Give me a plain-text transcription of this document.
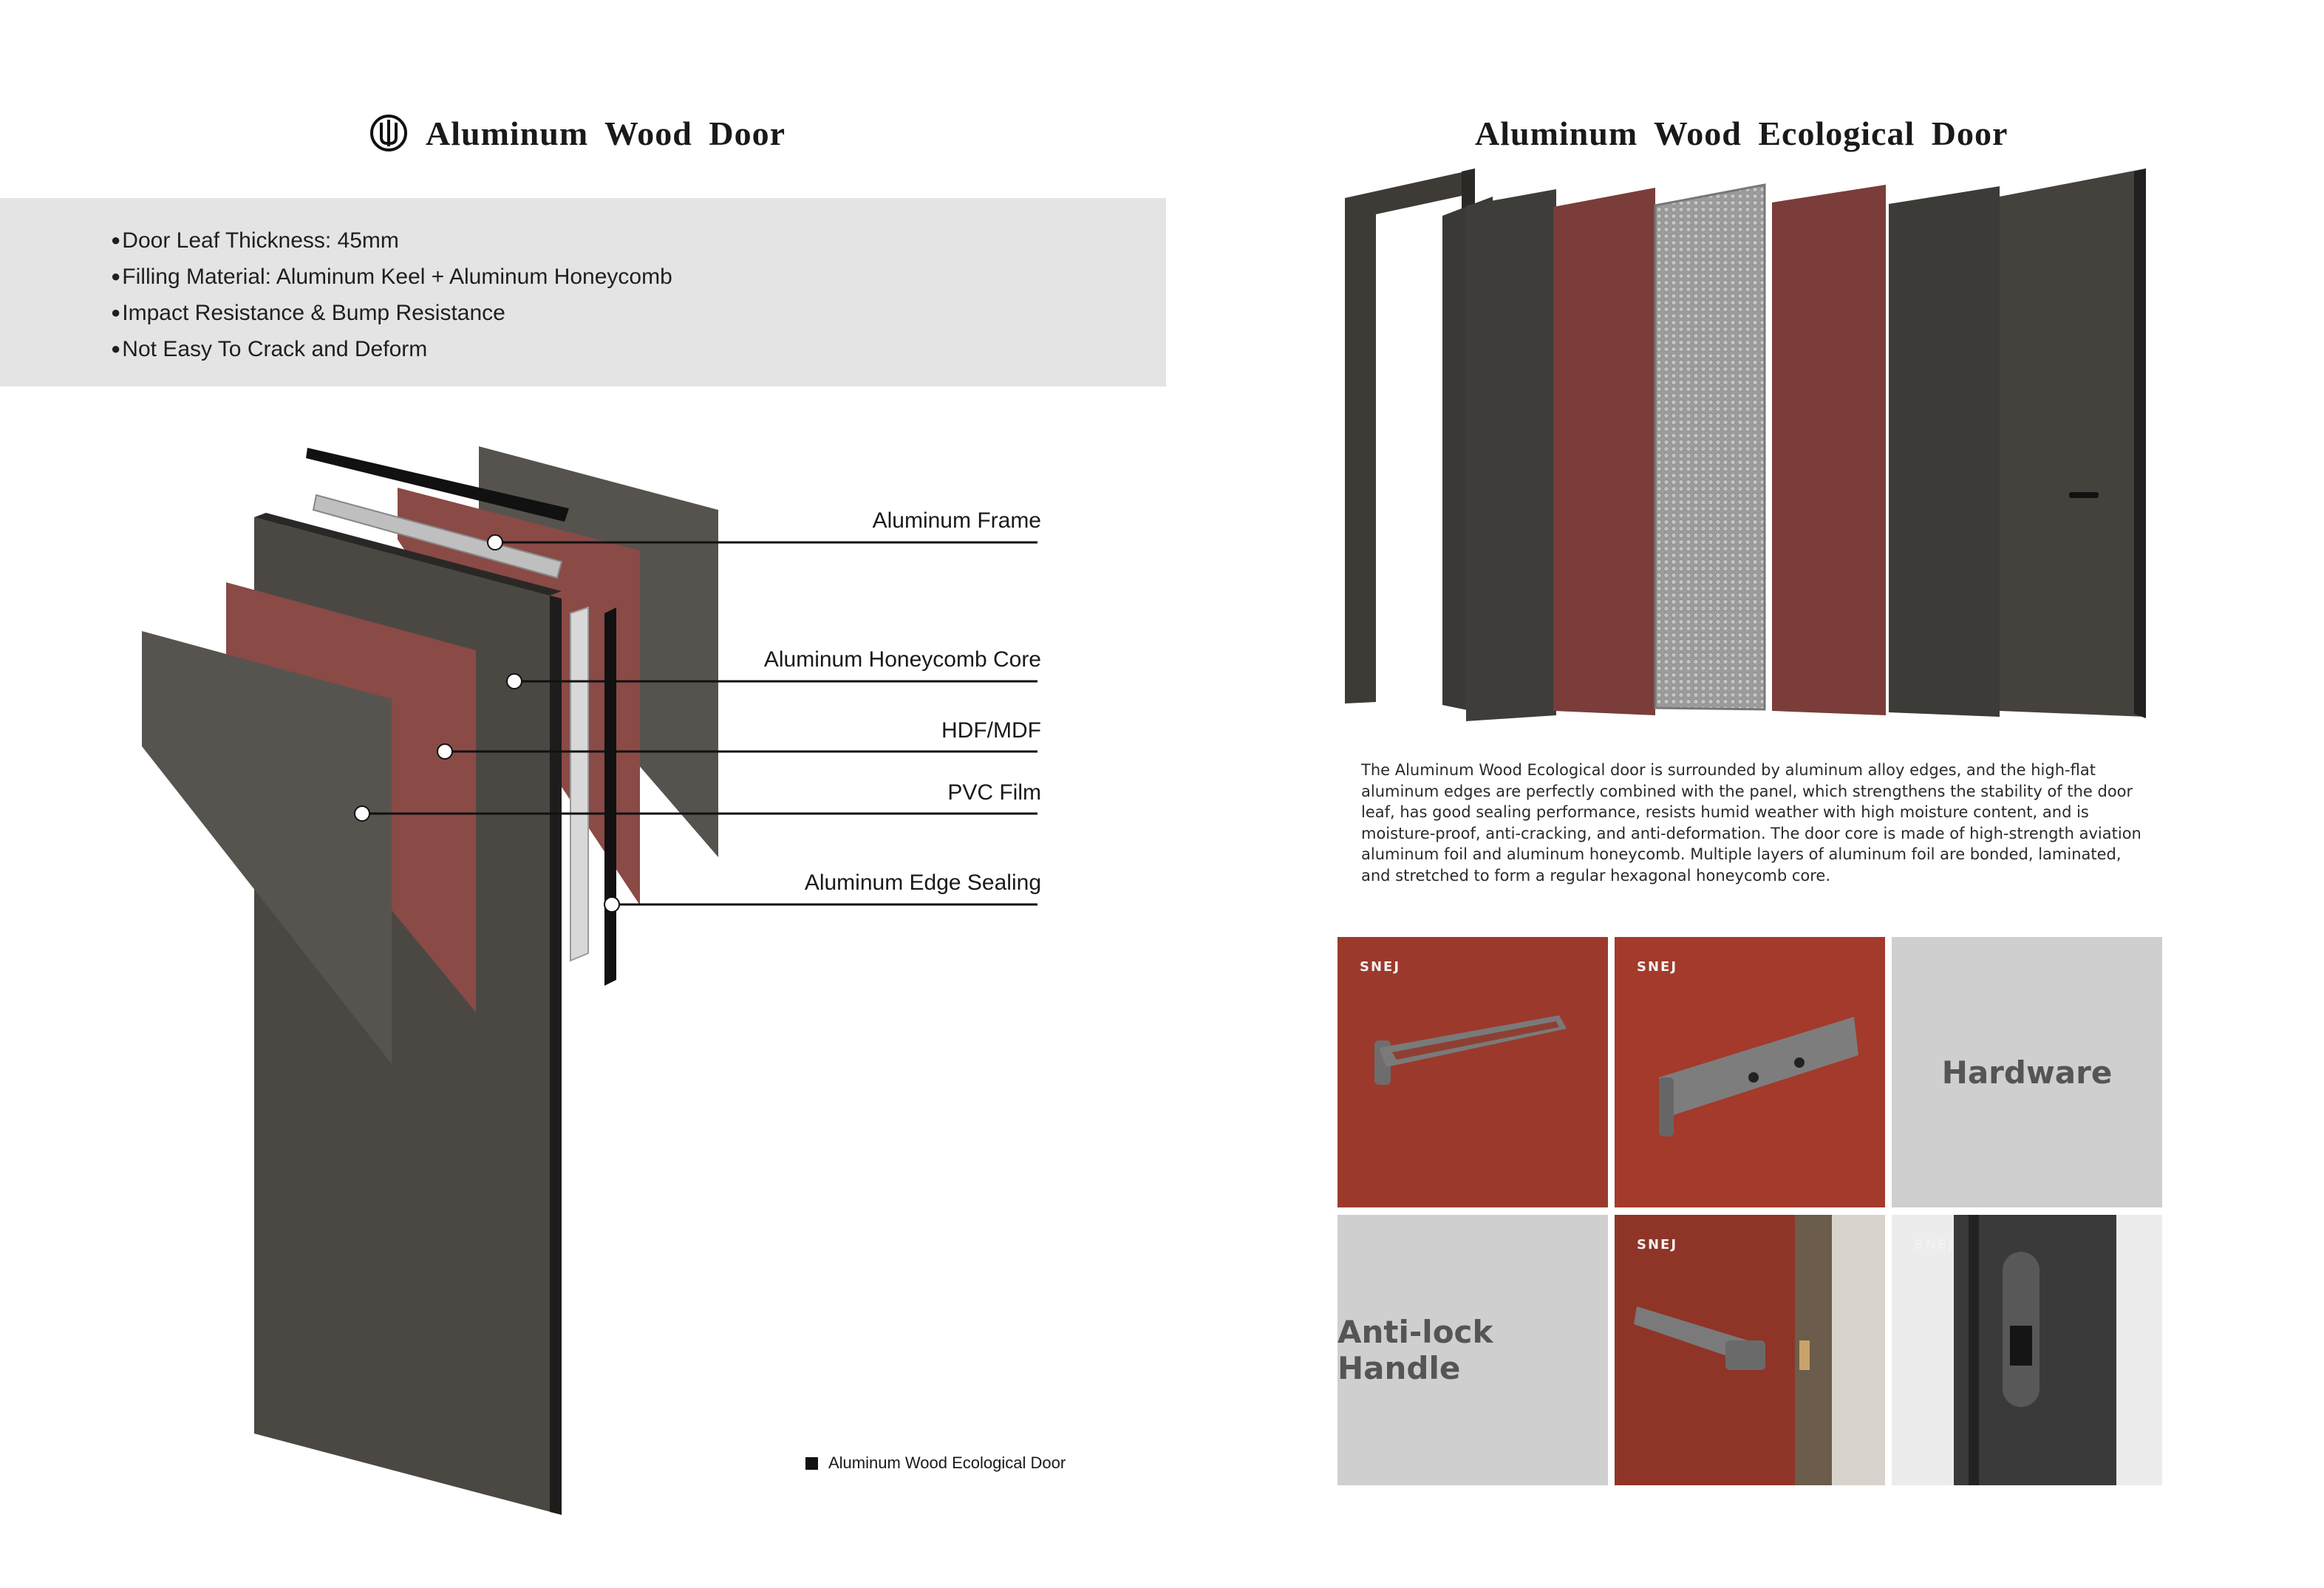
Aluminum Wood Door
● Door Leaf Thickness: 45mm
● Filling Material: Aluminum Keel + Aluminum Honeycomb
● Impact Resistance & Bump Resistance
● Not Easy To Crack and Deform
Aluminum Frame
Aluminum Honeycomb Core
HDF/MDF
PVC Film
Aluminum Edge Sealing
Aluminum Wood Ecological Door
Aluminum Wood Ecological Door

The Aluminum Wood Ecological door is surrounded by aluminum alloy edges, and the high-flat aluminum edges are perfectly combined with the panel, which strengthens the stability of the door leaf, has good sealing performance, resists humid weather with high moisture content, and is moisture-proof, anti-cracking, and anti-deformation. The door core is made of high-strength aviation aluminum foil and aluminum honeycomb. Multiple layers of aluminum foil are bonded, laminated, and stretched to form a regular hexagonal honeycomb core.

SNEJ	SNEJ
Hardware
Anti-lock Handle
SNEJ	SNEJ
